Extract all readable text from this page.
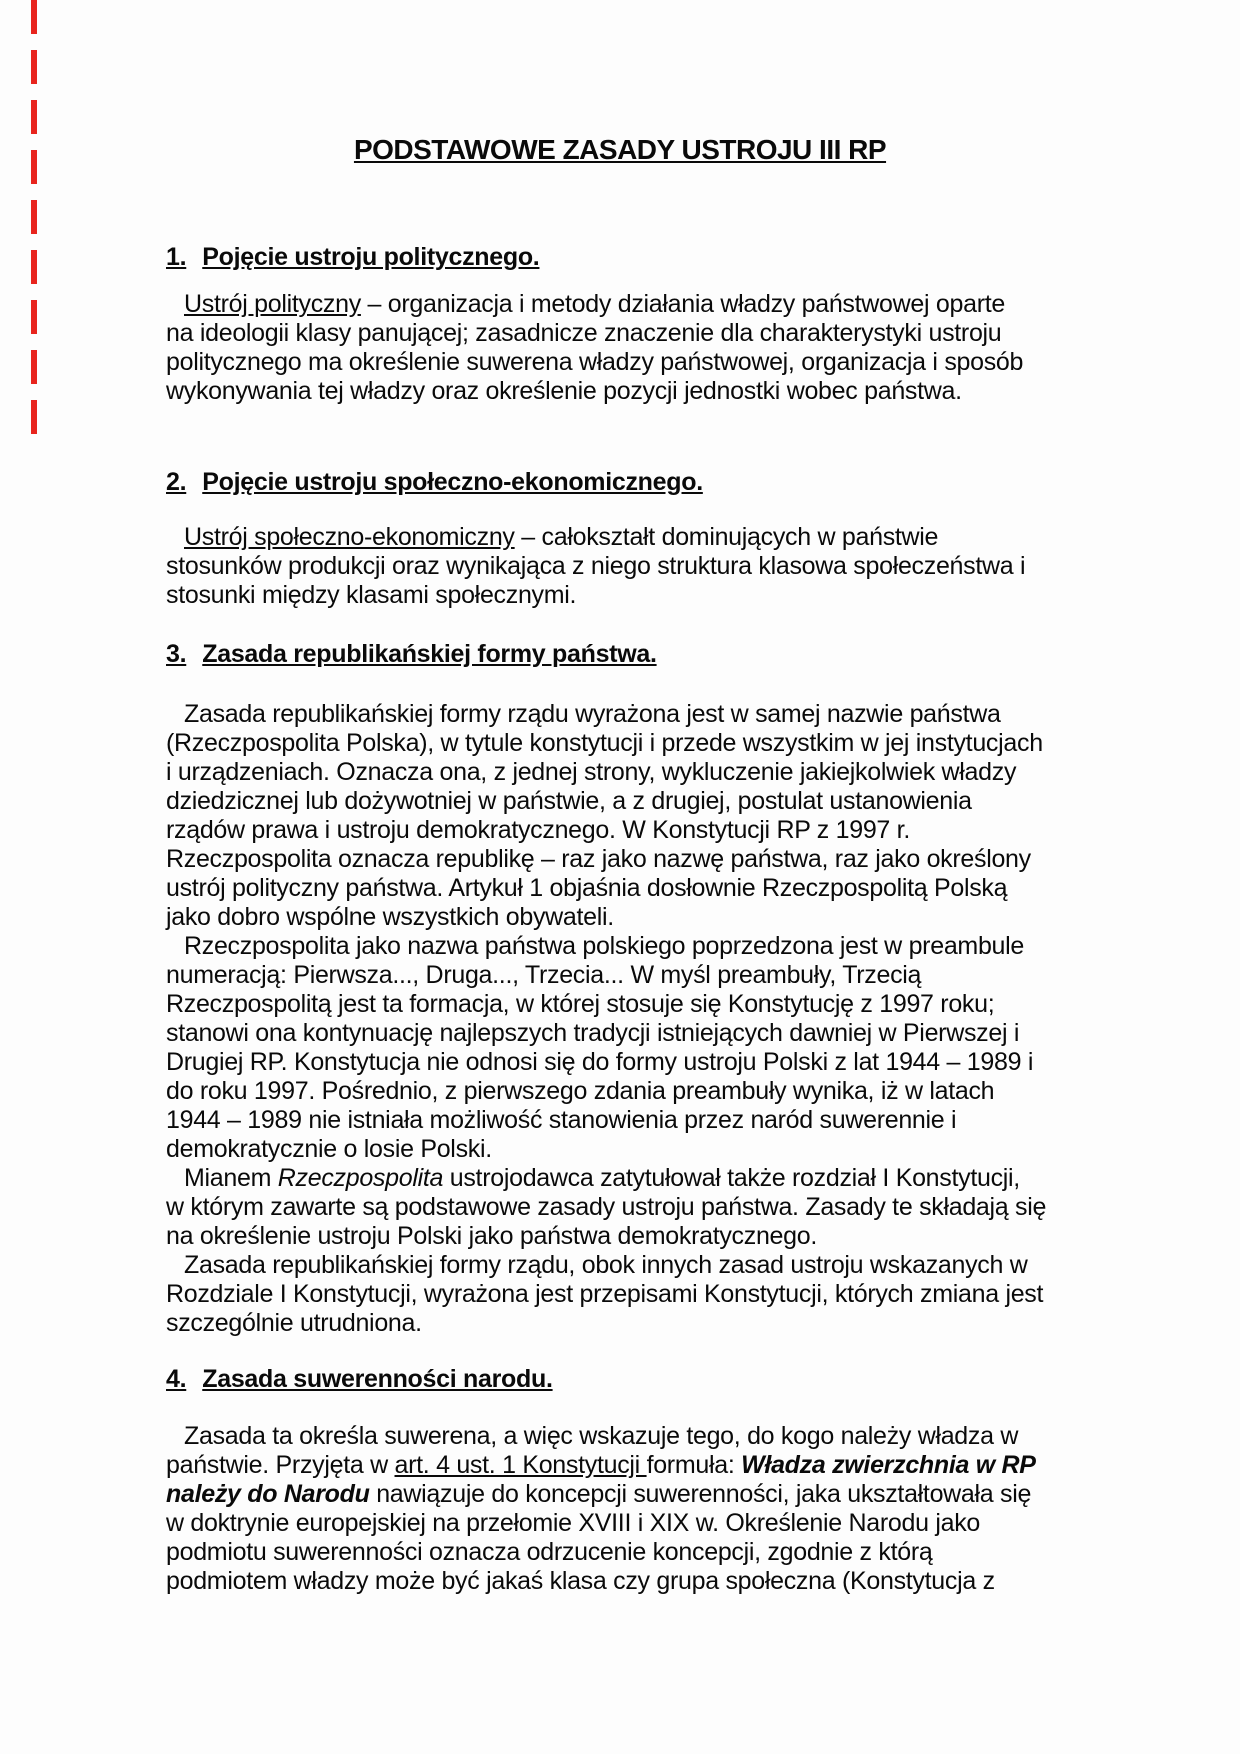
PODSTAWOWE ZASADY USTROJU III RP
1. Pojęcie ustroju politycznego.

Ustrój polityczny – organizacja i metody działania władzy państwowej oparte
na ideologii klasy panującej; zasadnicze znaczenie dla charakterystyki ustroju
politycznego ma określenie suwerena władzy państwowej, organizacja i sposób
wykonywania tej władzy oraz określenie pozycji jednostki wobec państwa.

2. Pojęcie ustroju społeczno-ekonomicznego.

Ustrój społeczno-ekonomiczny – całokształt dominujących w państwie
stosunków produkcji oraz wynikająca z niego struktura klasowa społeczeństwa i
stosunki między klasami społecznymi.

3. Zasada republikańskiej formy państwa.

Zasada republikańskiej formy rządu wyrażona jest w samej nazwie państwa
(Rzeczpospolita Polska), w tytule konstytucji i przede wszystkim w jej instytucjach
i urządzeniach. Oznacza ona, z jednej strony, wykluczenie jakiejkolwiek władzy
dziedzicznej lub dożywotniej w państwie, a z drugiej, postulat ustanowienia
rządów prawa i ustroju demokratycznego. W Konstytucji RP z 1997 r.
Rzeczpospolita oznacza republikę – raz jako nazwę państwa, raz jako określony
ustrój polityczny państwa. Artykuł 1 objaśnia dosłownie Rzeczpospolitą Polską
jako dobro wspólne wszystkich obywateli.

Rzeczpospolita jako nazwa państwa polskiego poprzedzona jest w preambule
numeracją: Pierwsza..., Druga..., Trzecia... W myśl preambuły, Trzecią
Rzeczpospolitą jest ta formacja, w której stosuje się Konstytucję z 1997 roku;
stanowi ona kontynuację najlepszych tradycji istniejących dawniej w Pierwszej i
Drugiej RP. Konstytucja nie odnosi się do formy ustroju Polski z lat 1944 – 1989 i
do roku 1997. Pośrednio, z pierwszego zdania preambuły wynika, iż w latach
1944 – 1989 nie istniała możliwość stanowienia przez naród suwerennie i
demokratycznie o losie Polski.

Mianem Rzeczpospolita ustrojodawca zatytułował także rozdział I Konstytucji,
w którym zawarte są podstawowe zasady ustroju państwa. Zasady te składają się
na określenie ustroju Polski jako państwa demokratycznego.

Zasada republikańskiej formy rządu, obok innych zasad ustroju wskazanych w
Rozdziale I Konstytucji, wyrażona jest przepisami Konstytucji, których zmiana jest
szczególnie utrudniona.

4. Zasada suwerenności narodu.

Zasada ta określa suwerena, a więc wskazuje tego, do kogo należy władza w
państwie. Przyjęta w art. 4 ust. 1 Konstytucji formuła: Władza zwierzchnia w RP
należy do Narodu nawiązuje do koncepcji suwerenności, jaka ukształtowała się
w doktrynie europejskiej na przełomie XVIII i XIX w. Określenie Narodu jako
podmiotu suwerenności oznacza odrzucenie koncepcji, zgodnie z którą
podmiotem władzy może być jakaś klasa czy grupa społeczna (Konstytucja z
